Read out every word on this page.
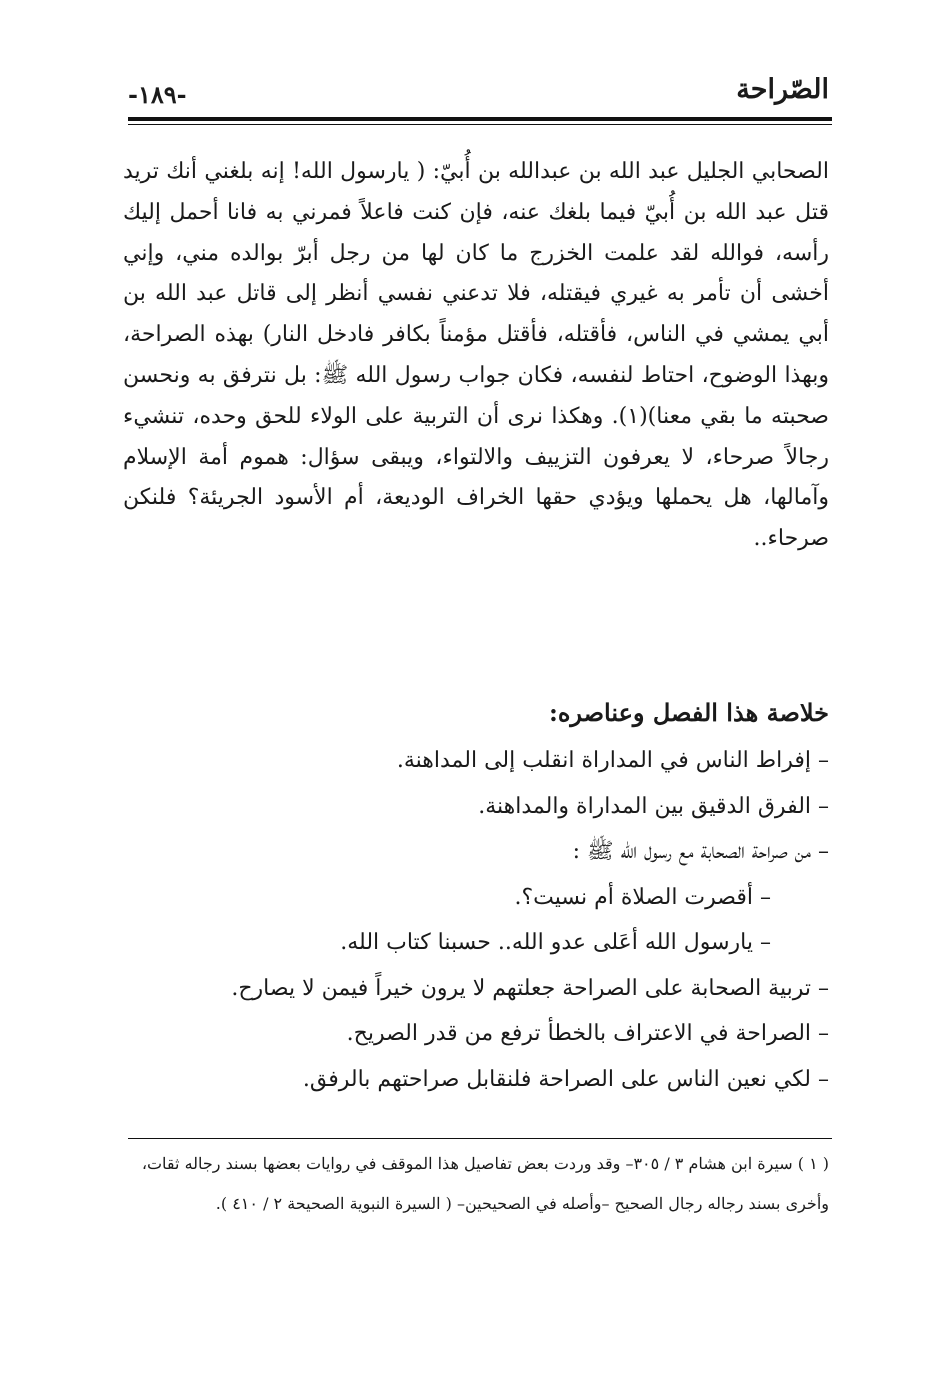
الصّراحة
-١٨٩-

الصحابي الجليل عبد الله بن عبدالله بن أُبيّ: ( يارسول الله! إنه بلغني أنك تريد قتل عبد الله بن أُبيّ فيما بلغك عنه، فإن كنت فاعلاً فمرني به فانا أحمل إليك رأسه، فوالله لقد علمت الخزرج ما كان لها من رجل أبرّ بوالده مني، وإني أخشى أن تأمر به غيري فيقتله، فلا تدعني نفسي أنظر إلى قاتل عبد الله بن أبي يمشي في الناس، فأقتله، فأقتل مؤمناً بكافر فادخل النار) بهذه الصراحة، وبهذا الوضوح، احتاط لنفسه، فكان جواب رسول الله ﷺ: بل نترفق به ونحسن صحبته ما بقي معنا)(١). وهكذا نرى أن التربية على الولاء للحق وحده، تنشيء رجالاً صرحاء، لا يعرفون التزييف والالتواء، ويبقى سؤال: هموم أمة الإسلام وآمالها، هل يحملها ويؤدي حقها الخراف الوديعة، أم الأسود الجريئة؟ فلنكن صرحاء..

خلاصة هذا الفصل وعناصره:
– إفراط الناس في المداراة انقلب إلى المداهنة.
– الفرق الدقيق بين المداراة والمداهنة.
– من صراحة الصحابة مع رسول الله ﷺ :
– أقصرت الصلاة أم نسيت؟.
– يارسول الله أعَلى عدو الله.. حسبنا كتاب الله.
– تربية الصحابة على الصراحة جعلتهم لا يرون خيراً فيمن لا يصارح.
– الصراحة في الاعتراف بالخطأ ترفع من قدر الصريح.
– لكي نعين الناس على الصراحة فلنقابل صراحتهم بالرفق.
( ١ ) سيرة ابن هشام ٣ / ٣٠٥– وقد وردت بعض تفاصيل هذا الموقف في روايات بعضها بسند رجاله ثقات، وأخرى بسند رجاله رجال الصحيح –وأصله في الصحيحين– ( السيرة النبوية الصحيحة ٢ / ٤١٠ ).
